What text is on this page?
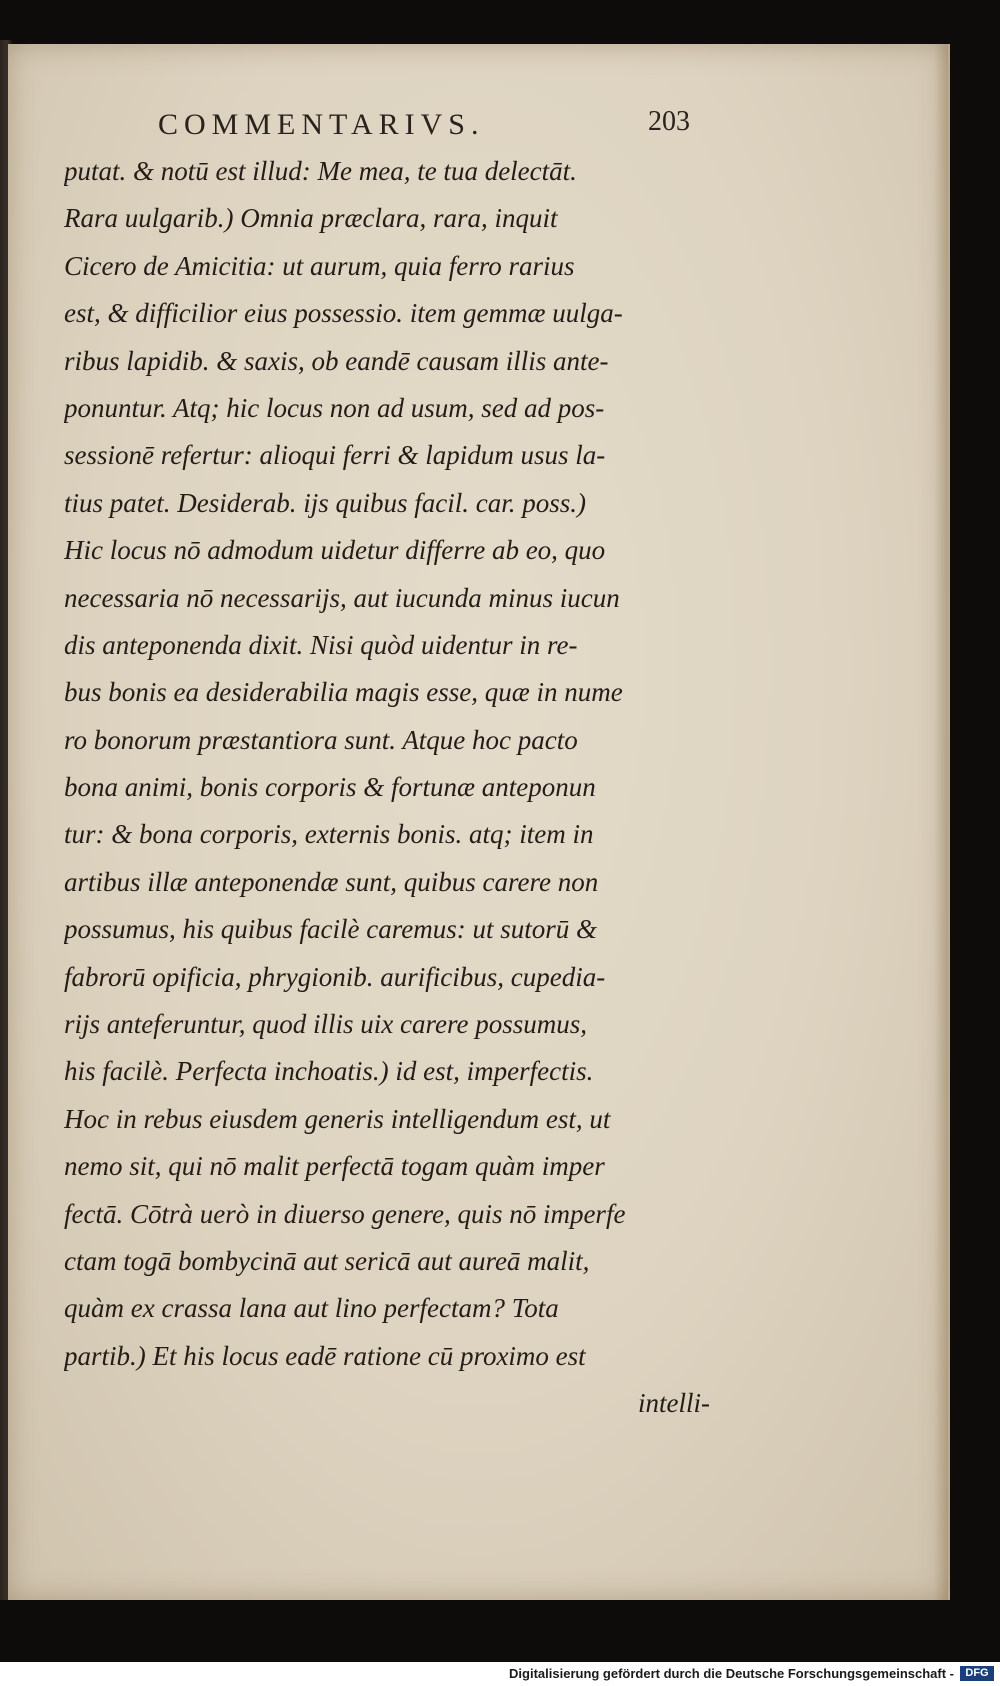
COMMENTARIVS.	203
putat. & notū est illud: Me mea, te tua delectāt.
Rara uulgarib.) Omnia præclara, rara, inquit
Cicero de Amicitia: ut aurum, quia ferro rarius
est, & difficilior eius possessio. item gemmæ uulga-
ribus lapidib. & saxis, ob eandē causam illis ante-
ponuntur. Atq; hic locus non ad usum, sed ad pos-
sessionē refertur: alioqui ferri & lapidum usus la-
tius patet. Desiderab. ijs quibus facil. car. poss.)
Hic locus nō admodum uidetur differre ab eo, quo
necessaria nō necessarijs, aut iucunda minus iucun
dis anteponenda dixit. Nisi quòd uidentur in re-
bus bonis ea desiderabilia magis esse, quæ in nume
ro bonorum præstantiora sunt. Atque hoc pacto
bona animi, bonis corporis & fortunæ anteponun
tur: & bona corporis, externis bonis. atq; item in
artibus illæ anteponendæ sunt, quibus carere non
possumus, his quibus facilè caremus: ut sutorū &
fabrorū opificia, phrygionib. aurificibus, cupedia-
rijs anteferuntur, quod illis uix carere possumus,
his facilè. Perfecta inchoatis.) id est, imperfectis.
Hoc in rebus eiusdem generis intelligendum est, ut
nemo sit, qui nō malit perfectā togam quàm imper
fectā. Cōtrà uerò in diuerso genere, quis nō imperfe
ctam togā bombycinā aut sericā aut aureā malit,
quàm ex crassa lana aut lino perfectam? Tota
partib.) Et his locus eadē ratione cū proximo est
intelli-
Digitalisierung gefördert durch die Deutsche Forschungsgemeinschaft -	DFG
